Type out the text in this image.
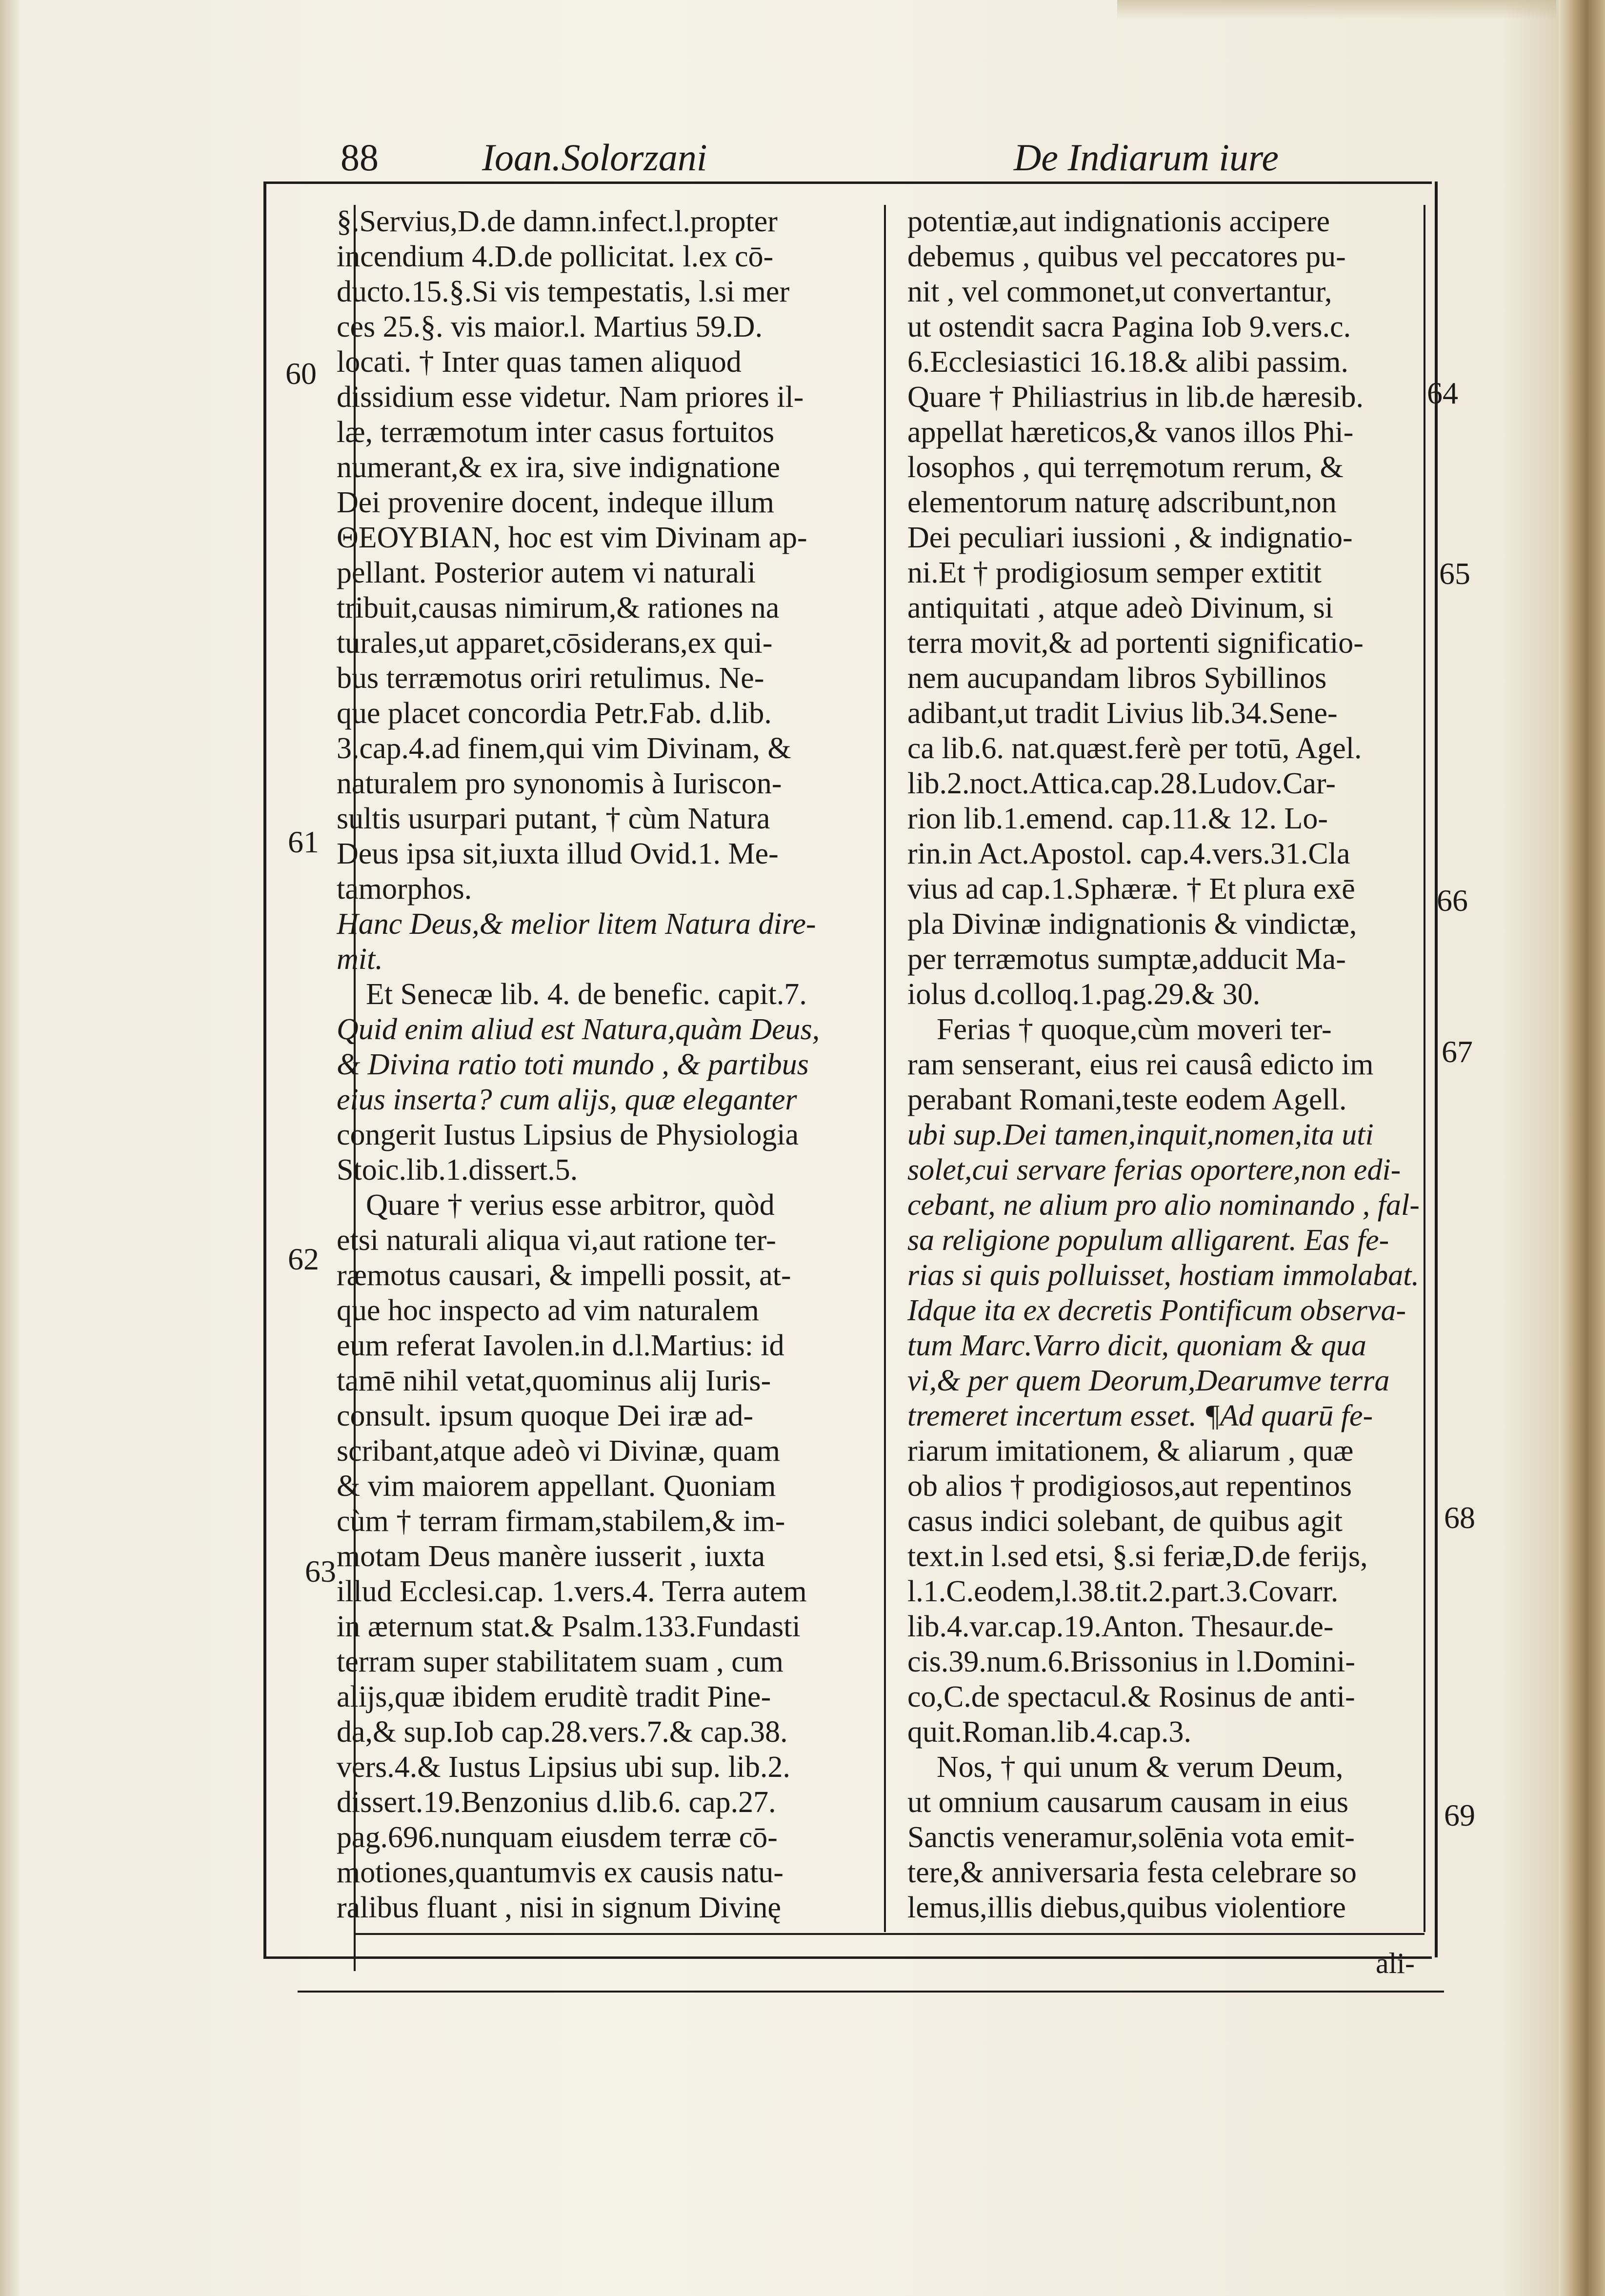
88	Ioan.Solorzani	De Indiarum iure
§.Servius,D.de damn.infect.l.propter
incendium 4.D.de pollicitat. l.ex cō-
ducto.15.§.Si vis tempestatis, l.si mer
ces 25.§. vis maior.l. Martius 59.D.
locati. † Inter quas tamen aliquod
dissidium esse videtur. Nam priores il-
læ, terræmotum inter casus fortuitos
numerant,& ex ira, sive indignatione
Dei provenire docent, indeque illum
ΘΕΟΥΒΙΑΝ, hoc est vim Divinam ap-
pellant. Posterior autem vi naturali
tribuit,causas nimirum,& rationes na
turales,ut apparet,cōsiderans,ex qui-
bus terræmotus oriri retulimus. Ne-
que placet concordia Petr.Fab. d.lib.
3.cap.4.ad finem,qui vim Divinam, &
naturalem pro synonomis à Iuriscon-
sultis usurpari putant, † cùm Natura
Deus ipsa sit,iuxta illud Ovid.1. Me-
tamorphos.
Hanc Deus,& melior litem Natura dire-
mit.
Et Senecæ lib. 4. de benefic. capit.7.
Quid enim aliud est Natura,quàm Deus,
& Divina ratio toti mundo , & partibus
eius inserta? cum alijs, quæ eleganter
congerit Iustus Lipsius de Physiologia
Stoic.lib.1.dissert.5.
Quare † verius esse arbitror, quòd
etsi naturali aliqua vi,aut ratione ter-
ræmotus causari, & impelli possit, at-
que hoc inspecto ad vim naturalem
eum referat Iavolen.in d.l.Martius: id
tamē nihil vetat,quominus alij Iuris-
consult. ipsum quoque Dei iræ ad-
scribant,atque adeò vi Divinæ, quam
& vim maiorem appellant. Quoniam
cùm † terram firmam,stabilem,& im-
motam Deus manère iusserit , iuxta
illud Ecclesi.cap. 1.vers.4. Terra autem
in æternum stat.& Psalm.133.Fundasti
terram super stabilitatem suam , cum
alijs,quæ ibidem eruditè tradit Pine-
da,& sup.Iob cap.28.vers.7.& cap.38.
vers.4.& Iustus Lipsius ubi sup. lib.2.
dissert.19.Benzonius d.lib.6. cap.27.
pag.696.nunquam eiusdem terræ cō-
motiones,quantumvis ex causis natu-
ralibus fluant , nisi in signum Divinę
potentiæ,aut indignationis accipere
debemus , quibus vel peccatores pu-
nit , vel commonet,ut convertantur,
ut ostendit sacra Pagina Iob 9.vers.c.
6.Ecclesiastici 16.18.& alibi passim.
Quare † Philiastrius in lib.de hæresib.
appellat hæreticos,& vanos illos Phi-
losophos , qui terręmotum rerum, &
elementorum naturę adscribunt,non
Dei peculiari iussioni , & indignatio-
ni.Et † prodigiosum semper extitit
antiquitati , atque adeò Divinum, si
terra movit,& ad portenti significatio-
nem aucupandam libros Sybillinos
adibant,ut tradit Livius lib.34.Sene-
ca lib.6. nat.quæst.ferè per totū, Agel.
lib.2.noct.Attica.cap.28.Ludov.Car-
rion lib.1.emend. cap.11.& 12. Lo-
rin.in Act.Apostol. cap.4.vers.31.Cla
vius ad cap.1.Sphæræ. † Et plura exē
pla Divinæ indignationis & vindictæ,
per terræmotus sumptæ,adducit Ma-
iolus d.colloq.1.pag.29.& 30.
Ferias † quoque,cùm moveri ter-
ram senserant, eius rei causâ edicto im
perabant Romani,teste eodem Agell.
ubi sup.Dei tamen,inquit,nomen,ita uti
solet,cui servare ferias oportere,non edi-
cebant, ne alium pro alio nominando , fal-
sa religione populum alligarent. Eas fe-
rias si quis polluisset, hostiam immolabat.
Idque ita ex decretis Pontificum observa-
tum Marc.Varro dicit, quoniam & qua
vi,& per quem Deorum,Dearumve terra
tremeret incertum esset. ¶Ad quarū fe-
riarum imitationem, & aliarum , quæ
ob alios † prodigiosos,aut repentinos
casus indici solebant, de quibus agit
text.in l.sed etsi, §.si feriæ,D.de ferijs,
l.1.C.eodem,l.38.tit.2.part.3.Covarr.
lib.4.var.cap.19.Anton. Thesaur.de-
cis.39.num.6.Brissonius in l.Domini-
co,C.de spectacul.& Rosinus de anti-
quit.Roman.lib.4.cap.3.
Nos, † qui unum & verum Deum,
ut omnium causarum causam in eius
Sanctis veneramur,solēnia vota emit-
tere,& anniversaria festa celebrare so
lemus,illis diebus,quibus violentiore
60
61
62
63
64
65
66
67
68
69
ali-
